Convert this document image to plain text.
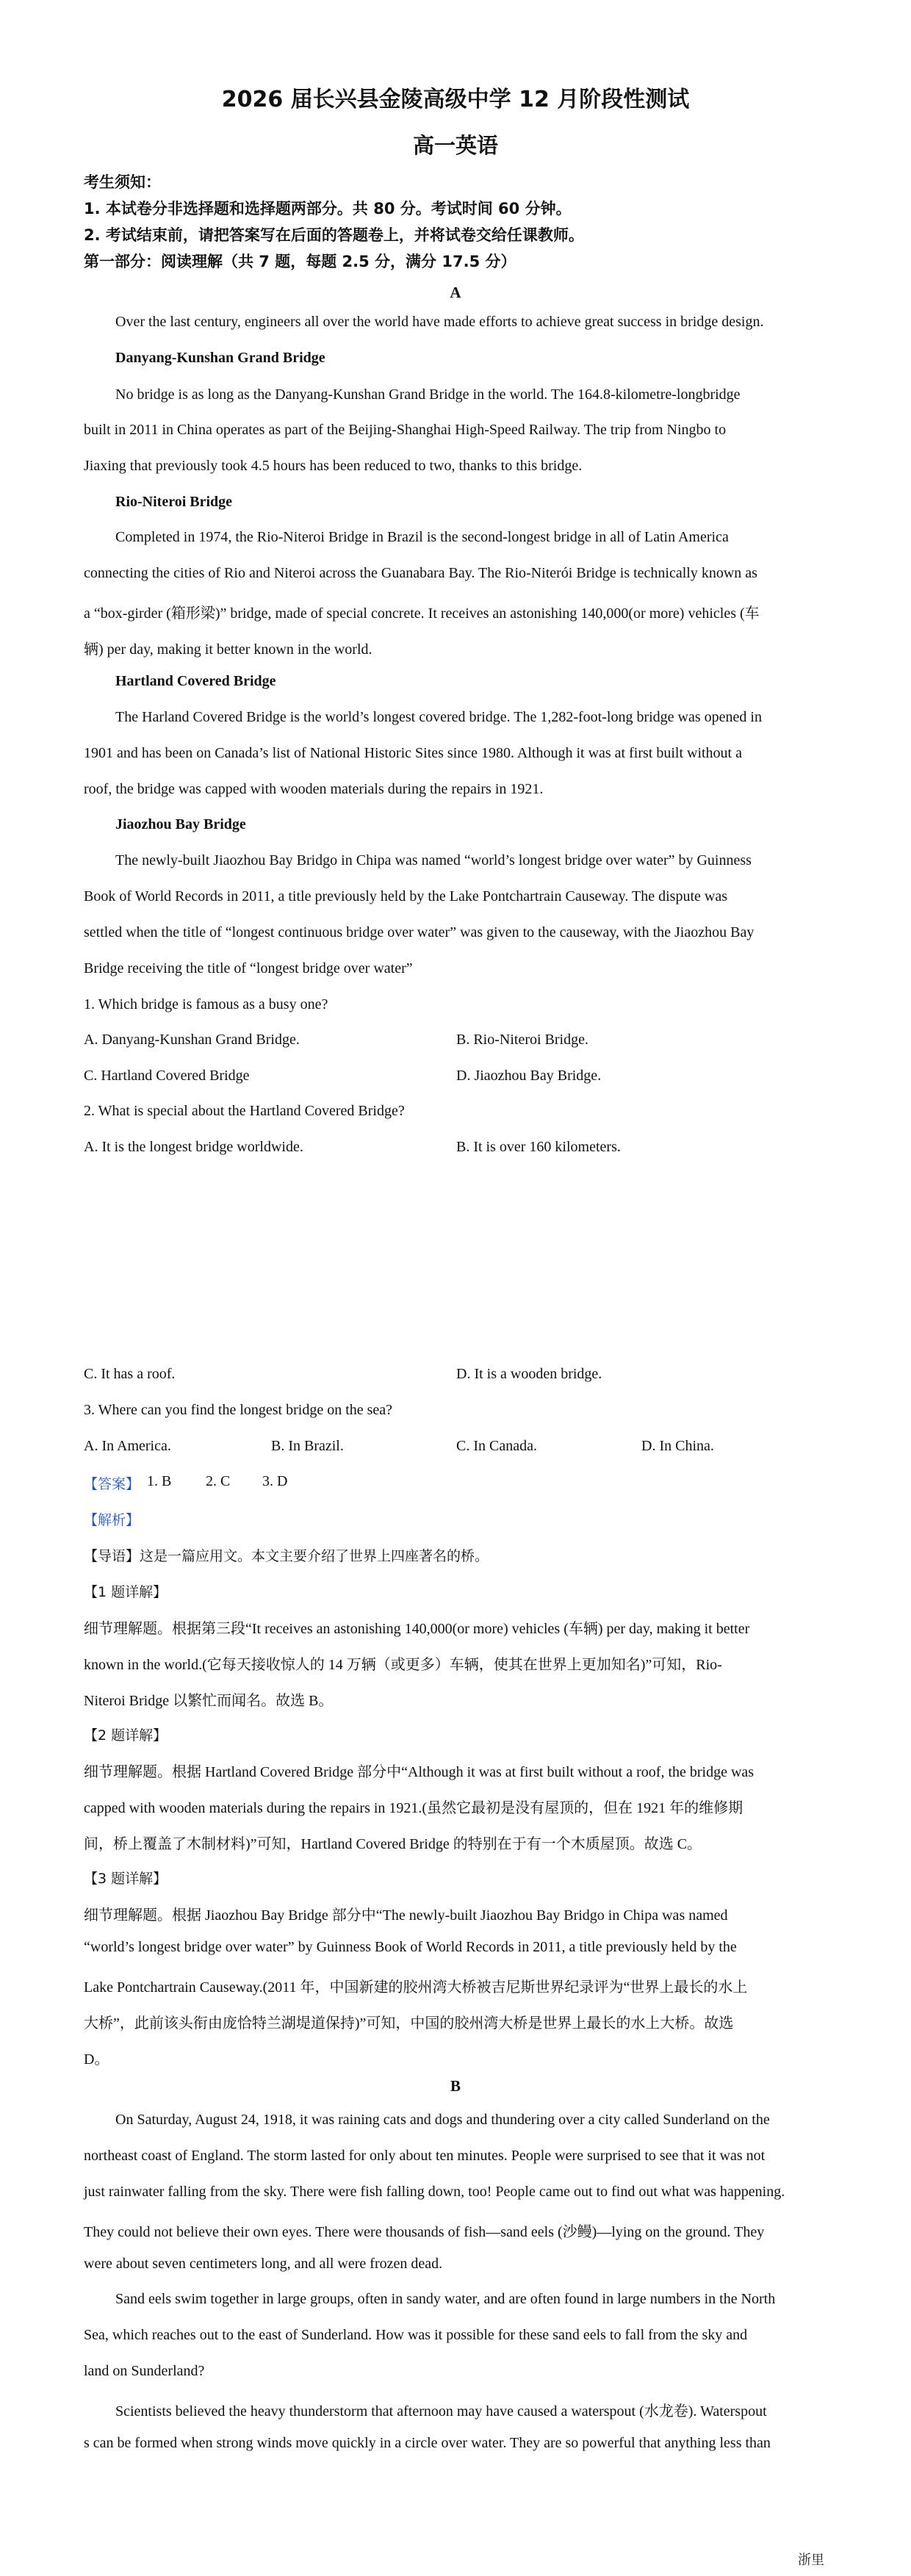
2026 届长兴县金陵高级中学 12 月阶段性测试
高一英语
考生须知：
1. 本试卷分非选择题和选择题两部分。共 80 分。考试时间 60 分钟。
2. 考试结束前，请把答案写在后面的答题卷上，并将试卷交给任课教师。
第一部分：阅读理解（共 7 题，每题 2.5 分，满分 17.5 分）
A
Over the last century, engineers all over the world have made efforts to achieve great success in bridge design.
Danyang-Kunshan Grand Bridge
No bridge is as long as the Danyang-Kunshan Grand Bridge in the world. The 164.8-kilometre-longbridge
built in 2011 in China operates as part of the Beijing-Shanghai High-Speed Railway. The trip from Ningbo to
Jiaxing that previously took 4.5 hours has been reduced to two, thanks to this bridge.
Rio-Niteroi Bridge
Completed in 1974, the Rio-Niteroi Bridge in Brazil is the second-longest bridge in all of Latin America
connecting the cities of Rio and Niteroi across the Guanabara Bay. The Rio-Niterói Bridge is technically known as
a “box-girder (箱形梁)” bridge, made of special concrete. It receives an astonishing 140,000(or more) vehicles (车
辆) per day, making it better known in the world.
Hartland Covered Bridge
The Harland Covered Bridge is the world’s longest covered bridge. The 1,282-foot-long bridge was opened in
1901 and has been on Canada’s list of National Historic Sites since 1980. Although it was at first built without a
roof, the bridge was capped with wooden materials during the repairs in 1921.
Jiaozhou Bay Bridge
The newly-built Jiaozhou Bay Bridgo in Chipa was named “world’s longest bridge over water” by Guinness
Book of World Records in 2011, a title previously held by the Lake Pontchartrain Causeway. The dispute was
settled when the title of “longest continuous bridge over water” was given to the causeway, with the Jiaozhou Bay
Bridge receiving the title of “longest bridge over water”
1. Which bridge is famous as a busy one?
A. Danyang-Kunshan Grand Bridge.	B. Rio-Niteroi Bridge.
C. Hartland Covered Bridge	D. Jiaozhou Bay Bridge.
2. What is special about the Hartland Covered Bridge?
A. It is the longest bridge worldwide.	B. It is over 160 kilometers.
C. It has a roof.	D. It is a wooden bridge.
3. Where can you find the longest bridge on the sea?
A. In America.	B. In Brazil.	C. In Canada.	D. In China.
【答案】 1. B 2. C 3. D
【解析】
【导语】这是一篇应用文。本文主要介绍了世界上四座著名的桥。
【1 题详解】
细节理解题。根据第三段“It receives an astonishing 140,000(or more) vehicles (车辆) per day, making it better
known in the world.(它每天接收惊人的 14 万辆（或更多）车辆，使其在世界上更加知名)”可知，Rio-
Niteroi Bridge 以繁忙而闻名。故选 B。
【2 题详解】
细节理解题。根据 Hartland Covered Bridge 部分中“Although it was at first built without a roof, the bridge was
capped with wooden materials during the repairs in 1921.(虽然它最初是没有屋顶的，但在 1921 年的维修期
间，桥上覆盖了木制材料)”可知，Hartland Covered Bridge 的特别在于有一个木质屋顶。故选 C。
【3 题详解】
细节理解题。根据 Jiaozhou Bay Bridge 部分中“The newly-built Jiaozhou Bay Bridgo in Chipa was named
“world’s longest bridge over water” by Guinness Book of World Records in 2011, a title previously held by the
Lake Pontchartrain Causeway.(2011 年，中国新建的胶州湾大桥被吉尼斯世界纪录评为“世界上最长的水上
大桥”，此前该头衔由庞恰特兰湖堤道保持)”可知，中国的胶州湾大桥是世界上最长的水上大桥。故选
D。
B
On Saturday, August 24, 1918, it was raining cats and dogs and thundering over a city called Sunderland on the
northeast coast of England. The storm lasted for only about ten minutes. People were surprised to see that it was not
just rainwater falling from the sky. There were fish falling down, too! People came out to find out what was happening.
They could not believe their own eyes. There were thousands of fish—sand eels (沙鳗)—lying on the ground. They
were about seven centimeters long, and all were frozen dead.
Sand eels swim together in large groups, often in sandy water, and are often found in large numbers in the North
Sea, which reaches out to the east of Sunderland. How was it possible for these sand eels to fall from the sky and
land on Sunderland?
Scientists believed the heavy thunderstorm that afternoon may have caused a waterspout (水龙卷). Waterspout
s can be formed when strong winds move quickly in a circle over water. They are so powerful that anything less than
浙里
